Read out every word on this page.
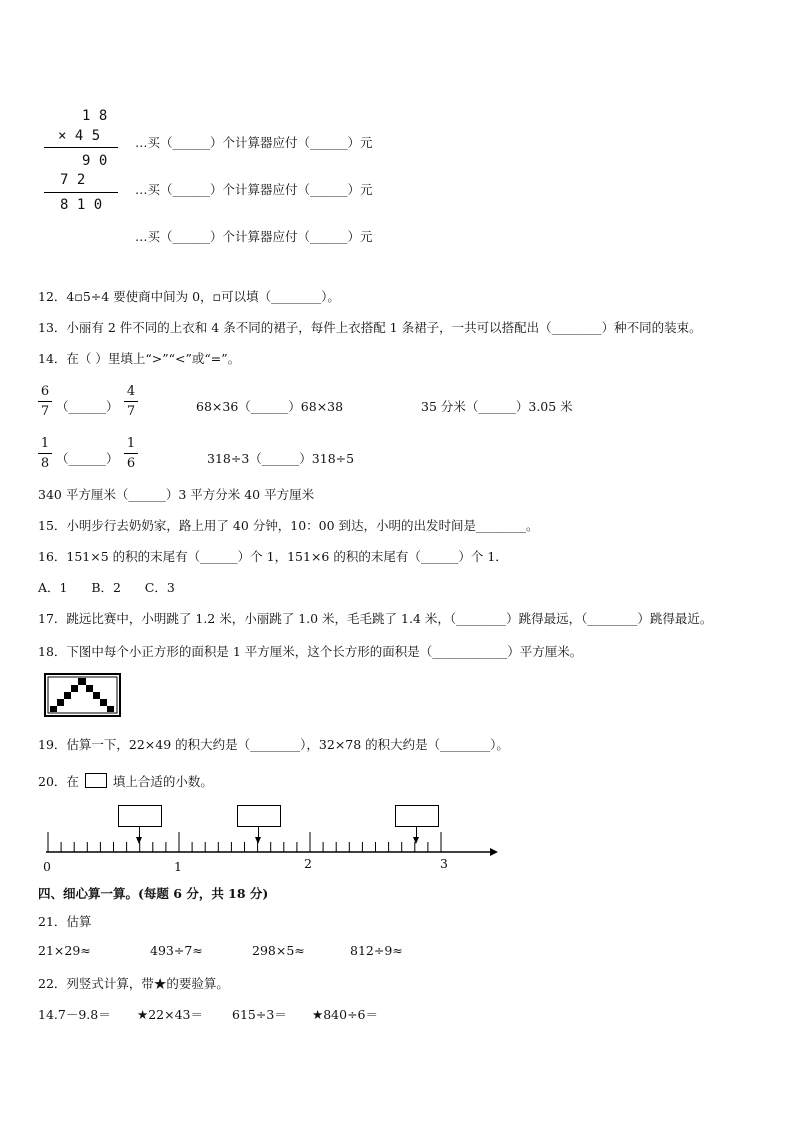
1 8
× 4 5
9 0
7 2
8 1 0
…买（______）个计算器应付（______）元
…买（______）个计算器应付（______）元
…买（______）个计算器应付（______）元
12．4▫5÷4 要使商中间为 0，▫可以填（________）。
13．小丽有 2 件不同的上衣和 4 条不同的裙子，每件上衣搭配 1 条裙子，一共可以搭配出（________）种不同的装束。
14．在（ ）里填上“>”“<”或“=”。
$\frac{6}{7}$ （______） $\frac{4}{7}$	68×36（______）68×38	35 分米（______）3.05 米
$\frac{1}{8}$ （______） $\frac{1}{6}$	318÷3（______）318÷5
340 平方厘米（______）3 平方分米 40 平方厘米
15．小明步行去奶奶家，路上用了 40 分钟，10：00 到达，小明的出发时间是________。
16．151×5 的积的末尾有（______）个 1，151×6 的积的末尾有（______）个 1．
A．1      B．2      C．3
17．跳远比赛中，小明跳了 1.2 米，小丽跳了 1.0 米，毛毛跳了 1.4 米，（________）跳得最远，（________）跳得最近。
18．下图中每个小正方形的面积是 1 平方厘米，这个长方形的面积是（____________）平方厘米。
19．估算一下，22×49 的积大约是（________），32×78 的积大约是（________）。
20．在	填上合适的小数。
0	1	2	3
四、细心算一算。(每题 6 分，共 18 分)
21．估算
21×29≈	493÷7≈	298×5≈	812÷9≈
22．列竖式计算，带★的要验算。
14.7－9.8＝ ★22×43＝ 615÷3＝ ★840÷6＝
